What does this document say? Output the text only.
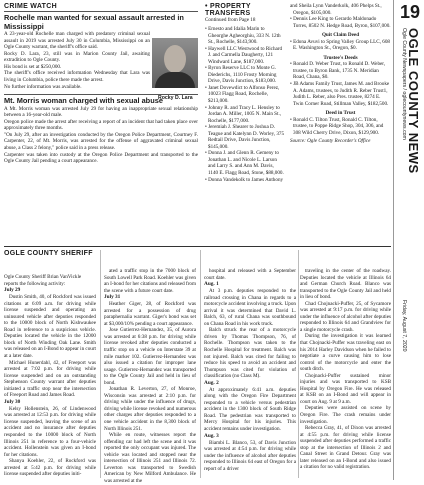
19
OGLE COUNTY NEWS
Ogle County Newspapers / oglecountynews.com
Friday, August 7, 2020
CRIME WATCH
Rochelle man wanted for sexual assault arrested in Mississippi

A 23-year-old Rochelle man charged with predatory criminal sexual assault in 2019 was arrested July 30 in Columbia, Mississippi on an Ogle County warrant, the sheriff's office said.

Rocky D. Lara, 23, still was in Marion County Jail, awaiting extradition to Ogle County.

His bond is set at $250,000.

The sheriff's office received information Wednesday that Lara was living in Columbia, police there made the arrest.

No further information was available.

Rocky D. Lara
Mt. Morris woman charged with sexual abuse

A Mt. Morris woman was arrested July 29 for having an inappropriate sexual relationship between a 16-year-old male.

Oregon police made the arrest after receiving a report of an incident that had taken place over approximately three months.

"On July 29, after an investigation conducted by the Oregon Police Department, Courtney F. Carpenter, 22, of Mt. Morris, was arrested for the offense of aggravated criminal sexual abuse, a Class 2 felony," police said in a press release.

Carpenter was taken into custody at the Oregon Police Department and transported to the Ogle County Jail pending a court appearance.

• PROPERTY TRANSFERS
Continued from Page 18

• Ernesto and Idalia Marin to Gheorghe Agheorghiu, 333 N. 12th St., Rochelle, $143,900.

• Haywell LLC Westwood to Richard J. and Carmella Daugherty, 121 Windward Lane, $187,000.

• Byron Reserve LLC to Monte G. Diederichs, 1110 Frosty Morning Drive, Davis Junction, $183,000.

• Janet Dovewdict to Alfonso Perez, 10023 Flagg Road, Rochelle, $213,000.

• Johnny R. and Tracy L. Hensley to Jordan A. Miller, 1005 N. Main St., Rochelle, $177,000.

• Jeremiah J. Shearer to Joshua D. Teague and Katelynn D. Worley, 375 Redtail Drive, Davis Junction, $145,000.

• Donna J. and Glenn R. Gemeny to Jonathan L. and Nicole L. Larson and Larry S. and Ann M. Davis, 1140 E. Flagg Road, Stone, $88,000.

• Donna Vandekolk to James Anthony

and Sheila Lynn Vanderkolk, 406 Phelps St., Oregon, $105,000.

• Dennis Lee King to Gerardo Maldonado Torres, 8502 N. Hedge Road, Byron, $107,000.

Quit Claim Deed

• Edona Avuvi to Spring Valley Group LLC, 608 E. Washington St., Oregon, $0.

Trustee's Deeds

• Ronald D. Weber Trust, to Ronald D. Weber, trustee, to Byron Bank, 1735 N. Meridian Road, Chana, $0.

• JB Adams Family Trust, James M. and Brooke A. Adams, trustees, to Judith R. Reber Trust1, Judith L. Reber, also Pres. trustee, 8274 E. Twin Corner Road, Stillman Valley, $182,500.

Deed in Trust

• Ronald C. Tilton Trust, Ronald C. Tilton, trustee, to Poppe Ridge Shop, 304, 306, and 308 Wild Cherry Drive, Dixon, $129,900.

Source: Ogle County Recorder's Office

OGLE COUNTY SHERIFF

Ogle County Sheriff Brian VanVickle reports the following activity:

July 29

Dustin Smith, 40, of Rockford was issued citations at 6:09 a.m. for driving while license suspended and operating an uninsured vehicle after deputies responded to the 10000 block of North Kishwaukee Road in reference to a suspicious vehicle. Deputies located the vehicle in the 12000 block of North Winding Oak Lane. Smith was released on an I-Bond to appear in court at a later date.

Michael Hunerdahl, 42, of Freeport was arrested at 7:02 p.m. for driving while license suspended and on an outstanding Stephenson County warrant after deputies initiated a traffic stop near the intersection of Freeport Road and James Road.

July 30

Kelsy Hollenstein, 26, of Lindenwood was arrested at 12:53 p.m. for driving while license suspended, leaving the scene of an accident and no insurance after deputies responded to the 10000 block of North Illinois 251 in reference to a four-vehicle accident. Hollenstein was given an I-bond for her citations.

Shanya Koehler, 22, of Rockford was arrested at 5:42 p.m. for driving while license suspended after deputies initi-

ated a traffic stop in the 7000 block of South Lowell Park Road. Koehler was given an I-bond for her citations and released from the scene with a future court date.

July 31

Heather Giger, 28, of Rockford was arrested for a possession of drug paraphernalia warrant. Giger's bond was set at $3,000/10% pending a court appearance.

Jose Gutierrez-Hernandez, 35, of Aurora was arrested at 6:38 p.m. for driving while license revoked after deputies conducted a traffic stop on a vehicle on Interstate 39 at mile marker 102. Gutierrez-Hernandez was also issued a citation for improper lane usage. Gutierrez-Hernandez was transported to the Ogle County Jail and held in lieu of bond.

Jonathan R. Leverton, 27, of Monroe, Wisconsin was arrested at 2:10 p.m. for driving while under the influence of drugs, driving while license revoked and numerous other charges after deputies responded to a one vehicle accident in the 8,300 block of North Illinois 251.

While en route, witnesses report the offending car had left the scene and it was reported the only occupant was injured. The vehicle was located and stopped near the intersection of Illinois 251 and Illinois 72. Leverton was transported to Swedish American by New Milford Ambulance. He was arrested at the

hospital and released with a September court date.

Aug. 1

At 3 p.m. deputies responded to the railroad crossing in Chana in regards to a motorcycle accident involving a truck. Upon arrival it was determined that David L. Balch, 63, of rural Chana was southbound on Chana Road in his work truck.

Balch struck the rear of a motorcycle driven by Thomas Thompson, 76, of Rochelle. Thompson was taken to the Rochelle Hospital for treatment. Balch was not injured. Balch was cited for failing to reduce his speed to avoid an accident and Thompson was cited for violation of classification (no Class M).

Aug. 2

At approximately 6:41 a.m. deputies along with the Oregon Fire Department responded to a vehicle versus pedestrian accident in the 1300 block of South Ridge Road. The pedestrian was transported to Mercy Hospital for his injuries. This accident remains under investigation.

Aug. 3

Biambi L. Blanco, 53, of Davis Junction was arrested at 4:54 p.m. for driving while under the influence of alcohol after deputies responded to Illinois 64 east of Oregon for a report of a driver

traveling in the center of the roadway. Deputies located the vehicle at Illinois 64 and German Church Road. Blanco was transported to the Ogle County Jail and held in lieu of bond.

Chad Chojnacki-Puffer, 25, of Sycamore was arrested at 9:17 p.m. for driving while under the influence of alcohol after deputies responded to Illinois 64 and Grandview for a single motorcycle crash.

During the investigation it was learned that Chojnacki-Puffer was traveling east on his 2014 Harley Davidson when he failed to negotiate a curve causing him to lose control of the motorcycle and enter the south ditch.

Chojnacki-Puffer sustained minor injuries and was transported to KSB Hospital by Oregon Fire. He was released at KSB on an I-Bond and will appear in court on Aug. 9 at 9 a.m.

Deputies were assisted on scene by Oregon Fire. The crash remains under investigation.

Rebecca Gray, 41, of Dixon was arrested at 4:55 p.m. for driving while license suspended after deputies performed a traffic stop at the intersection of Illinois 2 and Canal Street in Grand Detour. Gray was later released on an I-Bond and also issued a citation for no valid registration.
